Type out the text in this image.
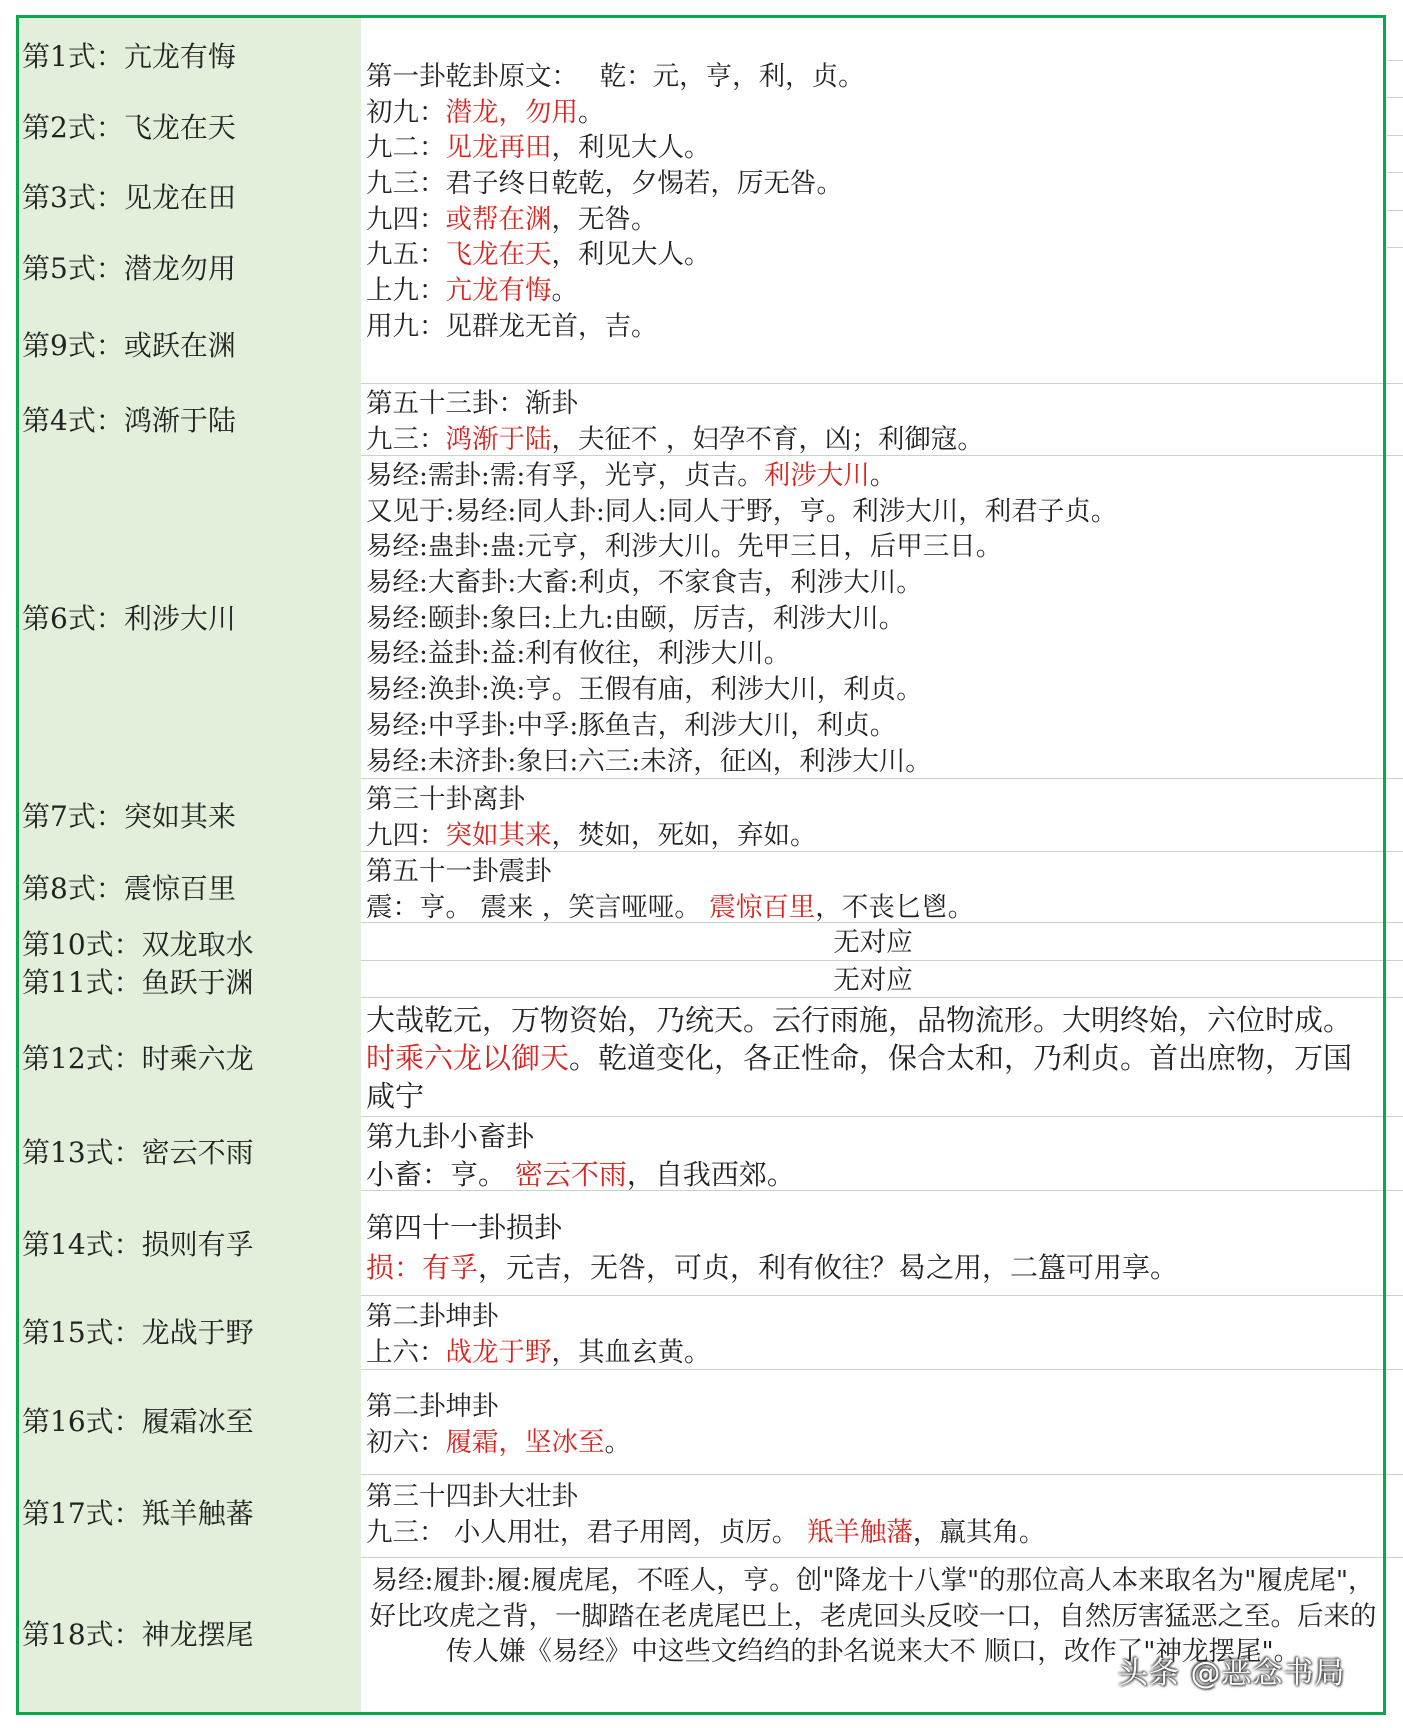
第1式：亢龙有悔
第2式：飞龙在天
第3式：见龙在田
第5式：潜龙勿用
第9式：或跃在渊
第4式：鸿渐于陆
第6式：利涉大川
第7式：突如其来
第8式：震惊百里
第10式：双龙取水
第11式：鱼跃于渊
第12式：时乘六龙
第13式：密云不雨
第14式：损则有孚
第15式：龙战于野
第16式：履霜冰至
第17式：羝羊触蕃
第18式：神龙摆尾
第一卦乾卦原文：　 乾：元，亨，利，贞。
初九：潜龙，勿用。
九二：见龙再田，利见大人。
九三：君子终日乾乾，夕惕若，厉无咎。
九四：或帮在渊，无咎。
九五：飞龙在天，利见大人。
上九：亢龙有悔。
用九：见群龙无首，吉。
第五十三卦：渐卦
九三：鸿渐于陆，夫征不 ，妇孕不育，凶；利御寇。
易经:需卦:需:有孚，光亨，贞吉。利涉大川。
又见于:易经:同人卦:同人:同人于野，亨。利涉大川，利君子贞。
易经:蛊卦:蛊:元亨，利涉大川。先甲三日，后甲三日。
易经:大畜卦:大畜:利贞，不家食吉，利涉大川。
易经:颐卦:象曰:上九:由颐，厉吉，利涉大川。
易经:益卦:益:利有攸往，利涉大川。
易经:涣卦:涣:亨。王假有庙，利涉大川，利贞。
易经:中孚卦:中孚:豚鱼吉，利涉大川，利贞。
易经:未济卦:象曰:六三:未济，征凶，利涉大川。
第三十卦离卦
九四：突如其来，焚如，死如，弃如。
第五十一卦震卦
震：亨。 震来 ，笑言哑哑。 震惊百里，不丧匕鬯。
无对应
无对应
大哉乾元，万物资始，乃统天。云行雨施，品物流形。大明终始，六位时成。时乘六龙以御天。乾道变化，各正性命，保合太和，乃利贞。首出庶物，万国咸宁
第九卦小畜卦
小畜：亨。 密云不雨，自我西郊。
第四十一卦损卦
损：有孚，元吉，无咎，可贞，利有攸往？曷之用，二簋可用享。
第二卦坤卦
上六：战龙于野，其血玄黄。
第二卦坤卦
初六：履霜，坚冰至。
第三十四卦大壮卦
九三： 小人用壮，君子用罔，贞厉。 羝羊触藩，羸其角。
易经:履卦:履:履虎尾，不咥人，亨。创"降龙十八掌"的那位高人本来取名为"履虎尾"，好比攻虎之背，一脚踏在老虎尾巴上，老虎回头反咬一口，自然厉害猛恶之至。后来的传人嫌《易经》中这些文绉绉的卦名说来大不 顺口，改作了"神龙摆尾"。
头条 @恶念书局
